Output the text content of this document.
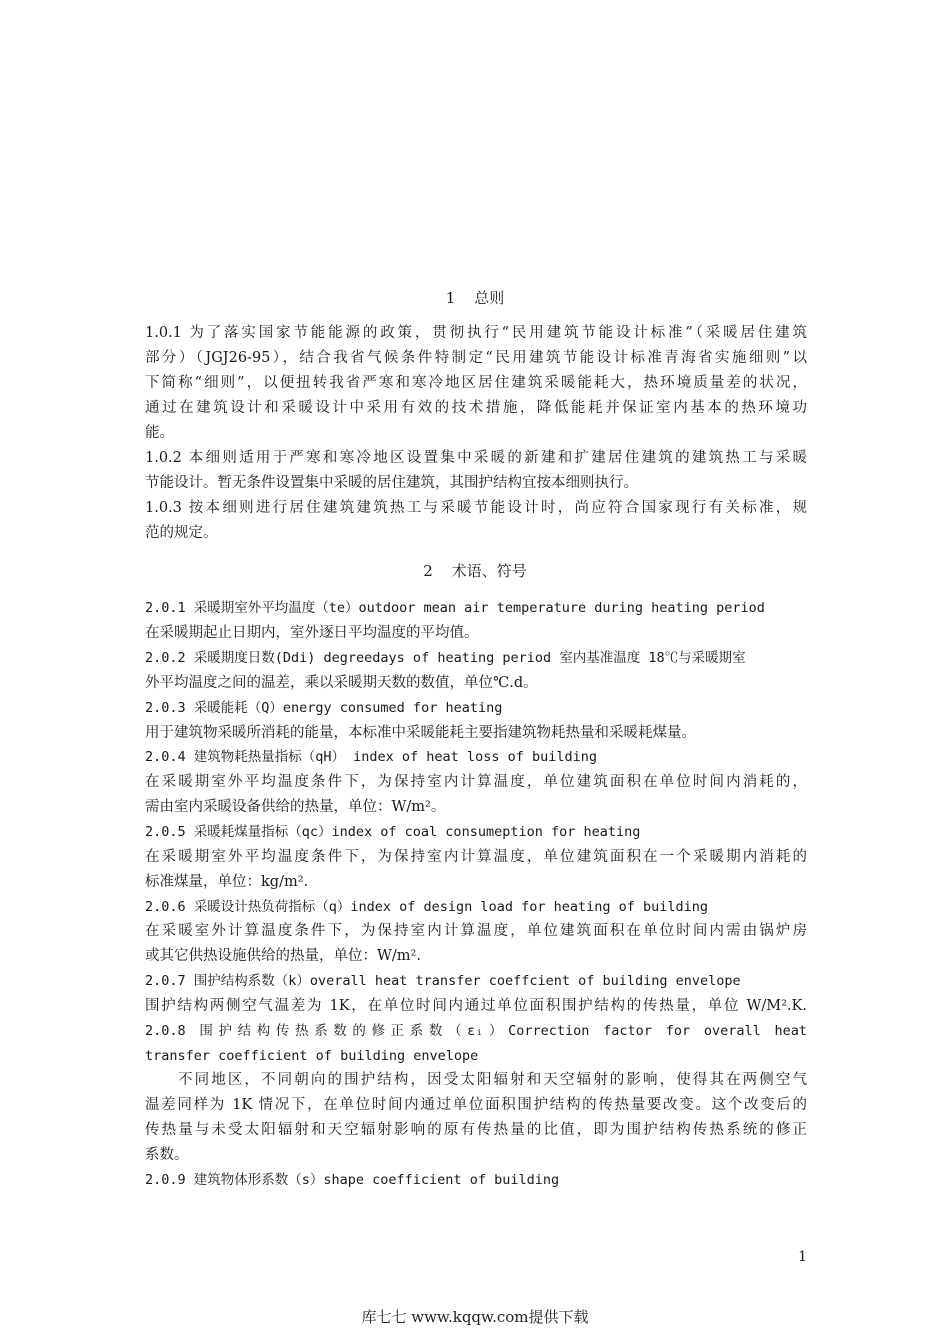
1    总则
1.0.1 为了落实国家节能能源的政策，贯彻执行“民用建筑节能设计标准”（采暖居住建筑
部分）（JGJ26-95），结合我省气候条件特制定“民用建筑节能设计标准青海省实施细则”以
下简称“细则”，以便扭转我省严寒和寒冷地区居住建筑采暖能耗大，热环境质量差的状况，
通过在建筑设计和采暖设计中采用有效的技术措施，降低能耗并保证室内基本的热环境功
能。
1.0.2 本细则适用于严寒和寒冷地区设置集中采暖的新建和扩建居住建筑的建筑热工与采暖
节能设计。暂无条件设置集中采暖的居住建筑，其围护结构宜按本细则执行。
1.0.3 按本细则进行居住建筑建筑热工与采暖节能设计时，尚应符合国家现行有关标准，规
范的规定。
2    术语、符号
2.0.1 采暖期室外平均温度（te）outdoor mean air temperature during heating period
在采暖期起止日期内，室外逐日平均温度的平均值。
2.0.2 采暖期度日数(Ddi) degreedays of heating period 室内基准温度 18℃与采暖期室
外平均温度之间的温差，乘以采暖期天数的数值，单位℃.d。
2.0.3 采暖能耗（Q）energy consumed for heating
用于建筑物采暖所消耗的能量，本标准中采暖能耗主要指建筑物耗热量和采暖耗煤量。
2.0.4 建筑物耗热量指标（qH） index of heat loss of building
在采暖期室外平均温度条件下，为保持室内计算温度，单位建筑面积在单位时间内消耗的，
需由室内采暖设备供给的热量，单位：W/m²。
2.0.5 采暖耗煤量指标（qc）index of coal consumeption for heating
在采暖期室外平均温度条件下，为保持室内计算温度，单位建筑面积在一个采暖期内消耗的
标准煤量，单位：kg/m².
2.0.6 采暖设计热负荷指标（q）index of design load for heating of building
在采暖室外计算温度条件下，为保持室内计算温度，单位建筑面积在单位时间内需由锅炉房
或其它供热设施供给的热量，单位：W/m².
2.0.7 围护结构系数（k）overall heat transfer coeffcient of building envelope
围护结构两侧空气温差为 1K，在单位时间内通过单位面积围护结构的传热量，单位 W/M².K.
2.0.8 围护结构传热系数的修正系数（εᵢ）Correction factor for overall heat
transfer coefficient of building envelope
不同地区，不同朝向的围护结构，因受太阳辐射和天空辐射的影响，使得其在两侧空气
温差同样为 1K 情况下，在单位时间内通过单位面积围护结构的传热量要改变。这个改变后的
传热量与未受太阳辐射和天空辐射影响的原有传热量的比值，即为围护结构传热系统的修正
系数。
2.0.9 建筑物体形系数（s）shape coefficient of building
1
库七七 www.kqqw.com提供下载
